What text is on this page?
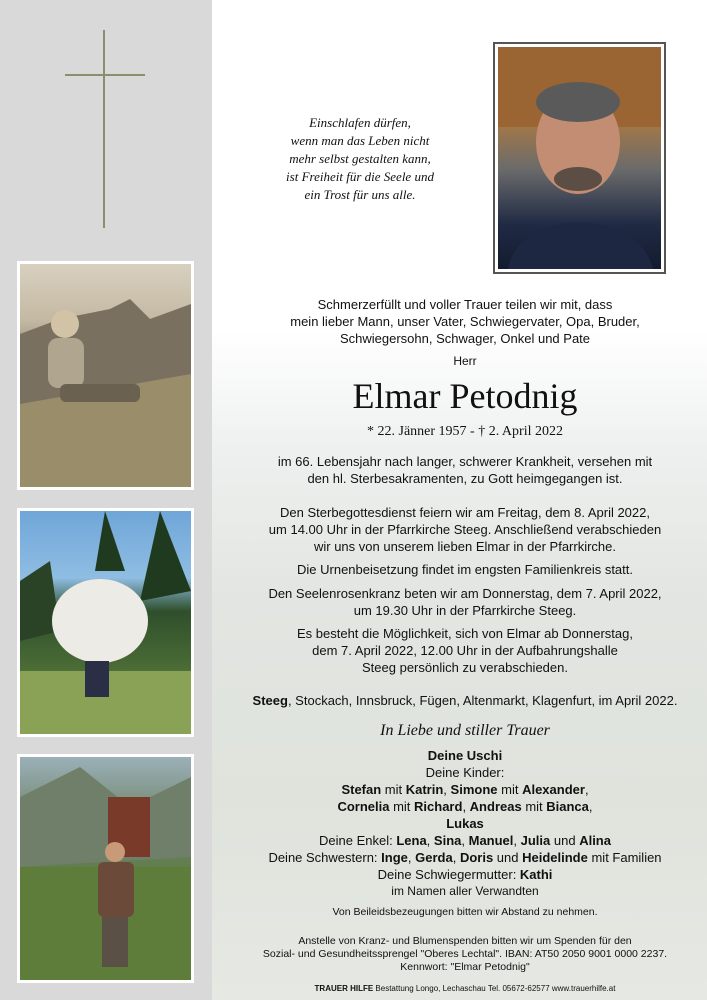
Einschlafen dürfen,
wenn man das Leben nicht
mehr selbst gestalten kann,
ist Freiheit für die Seele und
ein Trost für uns alle.
Schmerzerfüllt und voller Trauer teilen wir mit, dass
mein lieber Mann, unser Vater, Schwiegervater, Opa, Bruder,
Schwiegersohn, Schwager, Onkel und Pate
Herr
Elmar Petodnig
* 22. Jänner 1957 - † 2. April 2022
im 66. Lebensjahr nach langer, schwerer Krankheit, versehen mit
den hl. Sterbesakramenten, zu Gott heimgegangen ist.
Den Sterbegottesdienst feiern wir am Freitag, dem 8. April 2022,
um 14.00 Uhr in der Pfarrkirche Steeg. Anschließend verabschieden
wir uns von unserem lieben Elmar in der Pfarrkirche.
Die Urnenbeisetzung findet im engsten Familienkreis statt.
Den Seelenrosenkranz beten wir am Donnerstag, dem 7. April 2022,
um 19.30 Uhr in der Pfarrkirche Steeg.
Es besteht die Möglichkeit, sich von Elmar ab Donnerstag,
dem 7. April 2022, 12.00 Uhr in der Aufbahrungshalle
Steeg persönlich zu verabschieden.
Steeg, Stockach, Innsbruck, Fügen, Altenmarkt, Klagenfurt, im April 2022.
In Liebe und stiller Trauer
Deine Uschi
Deine Kinder:
Stefan mit Katrin, Simone mit Alexander,
Cornelia mit Richard, Andreas mit Bianca,
Lukas
Deine Enkel: Lena, Sina, Manuel, Julia und Alina
Deine Schwestern: Inge, Gerda, Doris und Heidelinde mit Familien
Deine Schwiegermutter: Kathi
im Namen aller Verwandten
Von Beileidsbezeugungen bitten wir Abstand zu nehmen.
Anstelle von Kranz- und Blumenspenden bitten wir um Spenden für den
Sozial- und Gesundheitssprengel "Oberes Lechtal". IBAN: AT50 2050 9001 0000 2237.
Kennwort: "Elmar Petodnig"
TRAUER HILFE Bestattung Longo, Lechaschau Tel. 05672-62577 www.trauerhilfe.at
